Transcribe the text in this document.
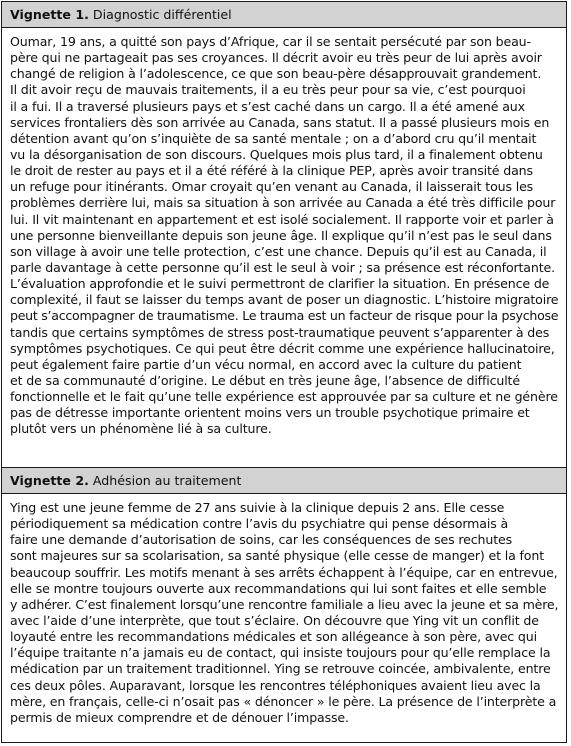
Vignette 1. Diagnostic différentiel
Oumar, 19 ans, a quitté son pays d’Afrique, car il se sentait persécuté par son beau-
père qui ne partageait pas ses croyances. Il décrit avoir eu très peur de lui après avoir
changé de religion à l’adolescence, ce que son beau-père désapprouvait grandement.
Il dit avoir reçu de mauvais traitements, il a eu très peur pour sa vie, c’est pourquoi
il a fui. Il a traversé plusieurs pays et s’est caché dans un cargo. Il a été amené aux
services frontaliers dès son arrivée au Canada, sans statut. Il a passé plusieurs mois en
détention avant qu’on s’inquiète de sa santé mentale ; on a d’abord cru qu’il mentait
vu la désorganisation de son discours. Quelques mois plus tard, il a finalement obtenu
le droit de rester au pays et il a été référé à la clinique PEP, après avoir transité dans
un refuge pour itinérants. Omar croyait qu’en venant au Canada, il laisserait tous les
problèmes derrière lui, mais sa situation à son arrivée au Canada a été très difficile pour
lui. Il vit maintenant en appartement et est isolé socialement. Il rapporte voir et parler à
une personne bienveillante depuis son jeune âge. Il explique qu’il n’est pas le seul dans
son village à avoir une telle protection, c’est une chance. Depuis qu’il est au Canada, il
parle davantage à cette personne qu’il est le seul à voir ; sa présence est réconfortante.
L’évaluation approfondie et le suivi permettront de clarifier la situation. En présence de
complexité, il faut se laisser du temps avant de poser un diagnostic. L’histoire migratoire
peut s’accompagner de traumatisme. Le trauma est un facteur de risque pour la psychose
tandis que certains symptômes de stress post-traumatique peuvent s’apparenter à des
symptômes psychotiques. Ce qui peut être décrit comme une expérience hallucinatoire,
peut également faire partie d’un vécu normal, en accord avec la culture du patient
et de sa communauté d’origine. Le début en très jeune âge, l’absence de difficulté
fonctionnelle et le fait qu’une telle expérience est approuvée par sa culture et ne génère
pas de détresse importante orientent moins vers un trouble psychotique primaire et
plutôt vers un phénomène lié à sa culture.
Vignette 2. Adhésion au traitement
Ying est une jeune femme de 27 ans suivie à la clinique depuis 2 ans. Elle cesse
périodiquement sa médication contre l’avis du psychiatre qui pense désormais à
faire une demande d’autorisation de soins, car les conséquences de ses rechutes
sont majeures sur sa scolarisation, sa santé physique (elle cesse de manger) et la font
beaucoup souffrir. Les motifs menant à ses arrêts échappent à l’équipe, car en entrevue,
elle se montre toujours ouverte aux recommandations qui lui sont faites et elle semble
y adhérer. C’est finalement lorsqu’une rencontre familiale a lieu avec la jeune et sa mère,
avec l’aide d’une interprète, que tout s’éclaire. On découvre que Ying vit un conflit de
loyauté entre les recommandations médicales et son allégeance à son père, avec qui
l’équipe traitante n’a jamais eu de contact, qui insiste toujours pour qu’elle remplace la
médication par un traitement traditionnel. Ying se retrouve coincée, ambivalente, entre
ces deux pôles. Auparavant, lorsque les rencontres téléphoniques avaient lieu avec la
mère, en français, celle-ci n’osait pas « dénoncer » le père. La présence de l’interprète a
permis de mieux comprendre et de dénouer l’impasse.
